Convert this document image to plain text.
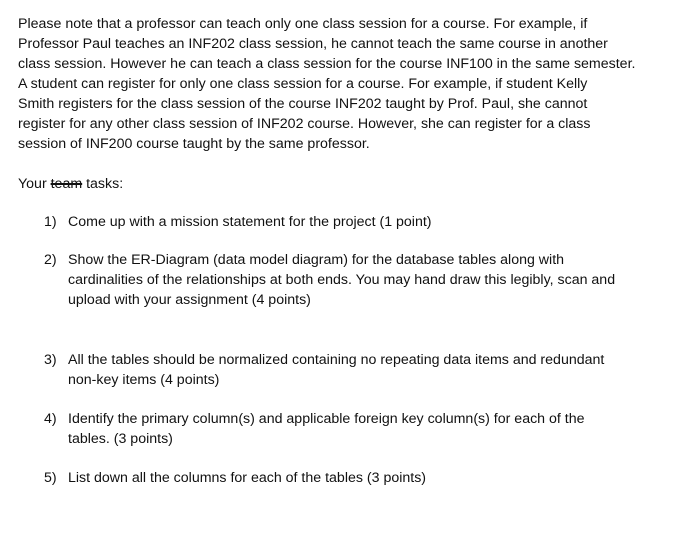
Please note that a professor can teach only one class session for a course. For example, if
Professor Paul teaches an INF202 class session, he cannot teach the same course in another
class session. However he can teach a class session for the course INF100 in the same semester.
A student can register for only one class session for a course. For example, if student Kelly
Smith registers for the class session of the course INF202 taught by Prof. Paul, she cannot
register for any other class session of INF202 course. However, she can register for a class
session of INF200 course taught by the same professor.
Your team tasks:
1) Come up with a mission statement for the project (1 point)
2) Show the ER-Diagram (data model diagram) for the database tables along with
cardinalities of the relationships at both ends. You may hand draw this legibly, scan and
upload with your assignment (4 points)
3) All the tables should be normalized containing no repeating data items and redundant
non-key items (4 points)
4) Identify the primary column(s) and applicable foreign key column(s) for each of the
tables. (3 points)
5) List down all the columns for each of the tables (3 points)
